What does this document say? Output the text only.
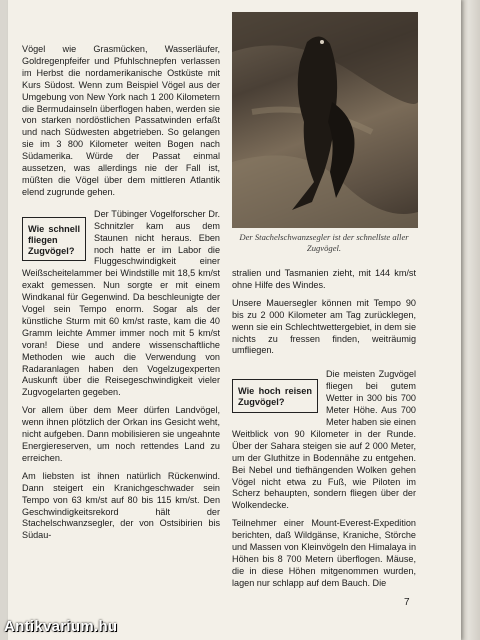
Der Stachelschwanzsegler ist der schnellste aller Zugvögel.

Vögel wie Grasmücken, Wasserläufer, Goldregenpfeifer und Pfuhlschnepfen verlassen im Herbst die nordamerikanische Ostküste mit Kurs Südost. Wenn zum Beispiel Vögel aus der Umgebung von New York nach 1 200 Kilometern die Bermudainseln überflogen haben, werden sie von starken nordöstlichen Passatwinden erfaßt und nach Südwesten abgetrieben. So gelangen sie im 3 800 Kilometer weiten Bogen nach Südamerika. Würde der Passat einmal aussetzen, was allerdings nie der Fall ist, müßten die Vögel über dem mittleren Atlantik elend zugrunde gehen.

Wie schnell fliegen Zugvögel?
Der Tübinger Vogelforscher Dr. Schnitzler kam aus dem Staunen nicht heraus. Eben noch hatte er im Labor die Fluggeschwindigkeit einer Weißscheitelammer bei Windstille mit 18,5 km/st exakt gemessen. Nun sorgte er mit einem Windkanal für Gegenwind. Da beschleunigte der Vogel sein Tempo enorm. Sogar als der künstliche Sturm mit 60 km/st raste, kam die 40 Gramm leichte Ammer immer noch mit 5 km/st voran! Diese und andere wissenschaftliche Methoden wie auch die Verwendung von Radaranlagen haben den Vogelzugexperten Auskunft über die Reisegeschwindigkeit vieler Zugvogelarten gegeben.

Vor allem über dem Meer dürfen Landvögel, wenn ihnen plötzlich der Orkan ins Gesicht weht, nicht aufgeben. Dann mobilisieren sie ungeahnte Energiereserven, um noch rettendes Land zu erreichen.

Am liebsten ist ihnen natürlich Rückenwind. Dann steigert ein Kranichgeschwader sein Tempo von 63 km/st auf 80 bis 115 km/st. Den Geschwindigkeitsrekord hält der Stachelschwanzsegler, der von Ostsibirien bis Südau-

stralien und Tasmanien zieht, mit 144 km/st ohne Hilfe des Windes.

Unsere Mauersegler können mit Tempo 90 bis zu 2 000 Kilometer am Tag zurücklegen, wenn sie ein Schlechtwettergebiet, in dem sie nichts zu fressen finden, weiträumig umfliegen.

Wie hoch reisen Zugvögel?
Die meisten Zugvögel fliegen bei gutem Wetter in 300 bis 700 Meter Höhe. Aus 700 Meter haben sie einen Weitblick von 90 Kilometer in der Runde. Über der Sahara steigen sie auf 2 000 Meter, um der Gluthitze in Bodennähe zu entgehen. Bei Nebel und tiefhängenden Wolken gehen Vögel nicht etwa zu Fuß, wie Piloten im Scherz behaupten, sondern fliegen über der Wolkendecke.

Teilnehmer einer Mount-Everest-Expedition berichten, daß Wildgänse, Kraniche, Störche und Massen von Kleinvögeln den Himalaya in Höhen bis 8 700 Metern überflogen. Mäuse, die in diese Höhen mitgenommen wurden, lagen nur schlapp auf dem Bauch. Die

7
Antikvarium.hu
